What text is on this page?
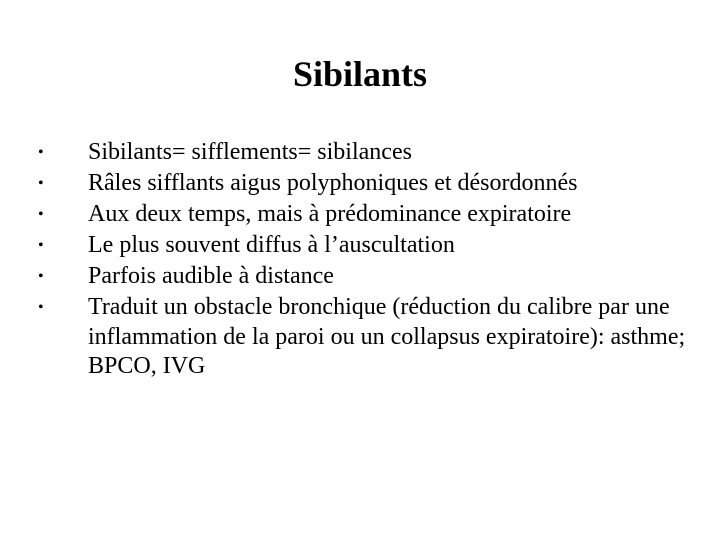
Sibilants
•	Sibilants= sifflements= sibilances
•	Râles sifflants aigus polyphoniques et désordonnés
•	Aux deux temps, mais à prédominance expiratoire
•	Le plus souvent diffus à l’auscultation
•	Parfois audible à distance
•	Traduit un obstacle bronchique (réduction du calibre par une inflammation de la paroi ou un collapsus expiratoire): asthme; BPCO, IVG
